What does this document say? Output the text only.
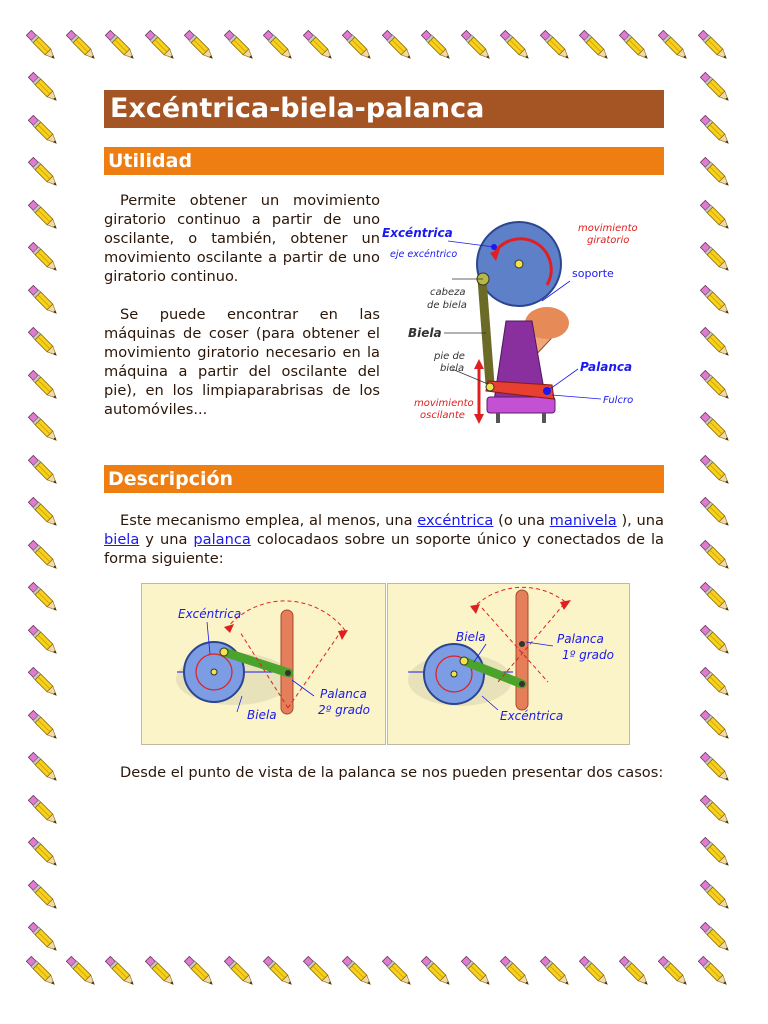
Excéntrica-biela-palanca
Utilidad

Permite obtener un movimiento giratorio continuo a partir de uno oscilante, o también, obtener un movimiento oscilante a partir de uno giratorio continuo.

Se puede encontrar en las máquinas de coser (para obtener el movimiento giratorio necesario en la máquina a partir del oscilante del pie), en los limpiaparabrisas de los automóviles...

Excéntrica
eje excéntrico
cabeza
de biela
Biela
pie de
biela
movimiento
oscilante
movimiento
giratorio
soporte
Palanca
Fulcro
Descripción

Este mecanismo emplea, al menos, una excéntrica (o una manivela ), una biela y una palanca colocadaos sobre un soporte único y conectados de la forma siguiente:

Excéntrica
Biela
Palanca
2º grado
Biela	Palanca
1º grado
Excéntrica

Desde el punto de vista de la palanca se nos pueden presentar dos casos:
